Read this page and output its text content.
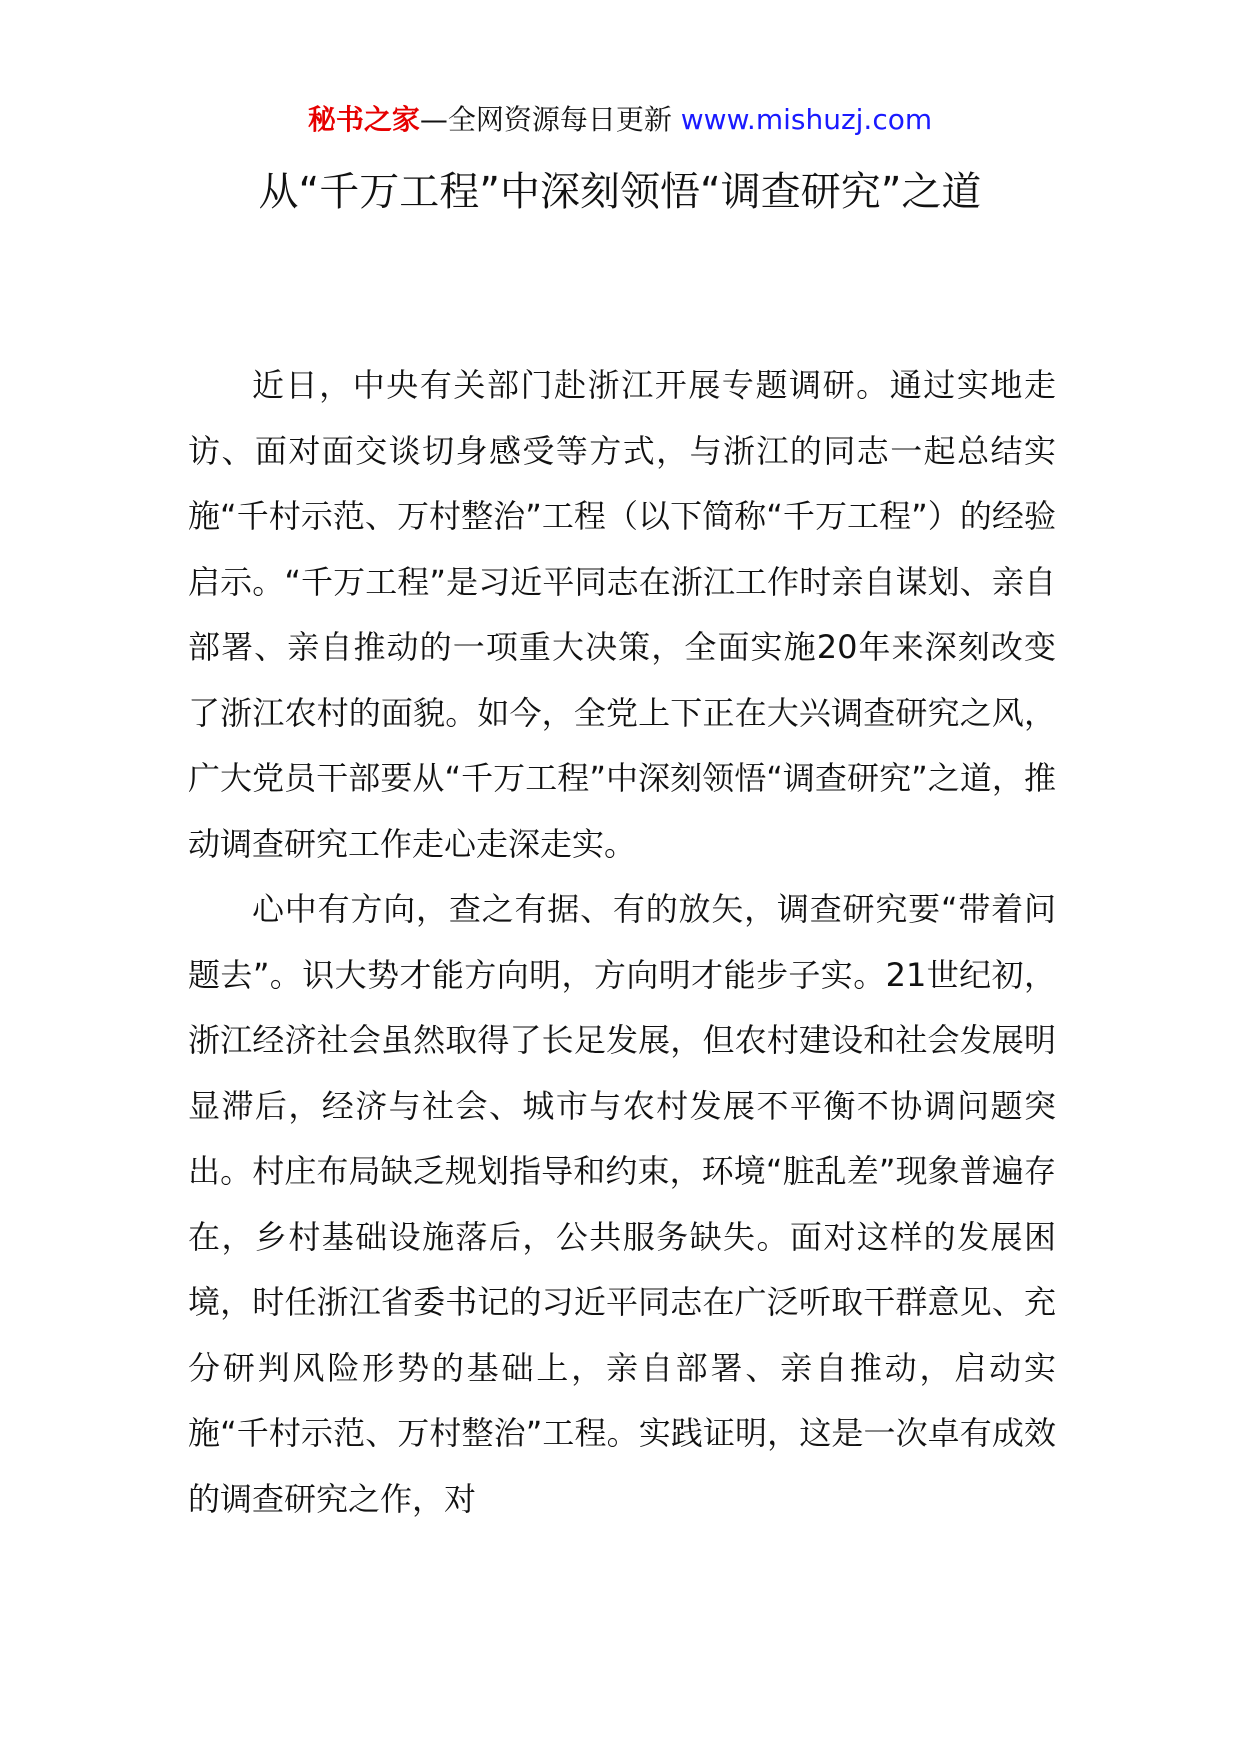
秘书之家—全网资源每日更新 www.mishuzj.com
从“千万工程”中深刻领悟“调查研究”之道

近日，中央有关部门赴浙江开展专题调研。通过实地走访、面对面交谈切身感受等方式，与浙江的同志一起总结实施“千村示范、万村整治”工程（以下简称“千万工程”）的经验启示。“千万工程”是习近平同志在浙江工作时亲自谋划、亲自部署、亲自推动的一项重大决策，全面实施20年来深刻改变了浙江农村的面貌。如今，全党上下正在大兴调查研究之风，广大党员干部要从“千万工程”中深刻领悟“调查研究”之道，推动调查研究工作走心走深走实。

心中有方向，查之有据、有的放矢，调查研究要“带着问题去”。识大势才能方向明，方向明才能步子实。21世纪初，浙江经济社会虽然取得了长足发展，但农村建设和社会发展明显滞后，经济与社会、城市与农村发展不平衡不协调问题突出。村庄布局缺乏规划指导和约束，环境“脏乱差”现象普遍存在，乡村基础设施落后，公共服务缺失。面对这样的发展困境，时任浙江省委书记的习近平同志在广泛听取干群意见、充分研判风险形势的基础上，亲自部署、亲自推动，启动实施“千村示范、万村整治”工程。实践证明，这是一次卓有成效的调查研究之作，对
